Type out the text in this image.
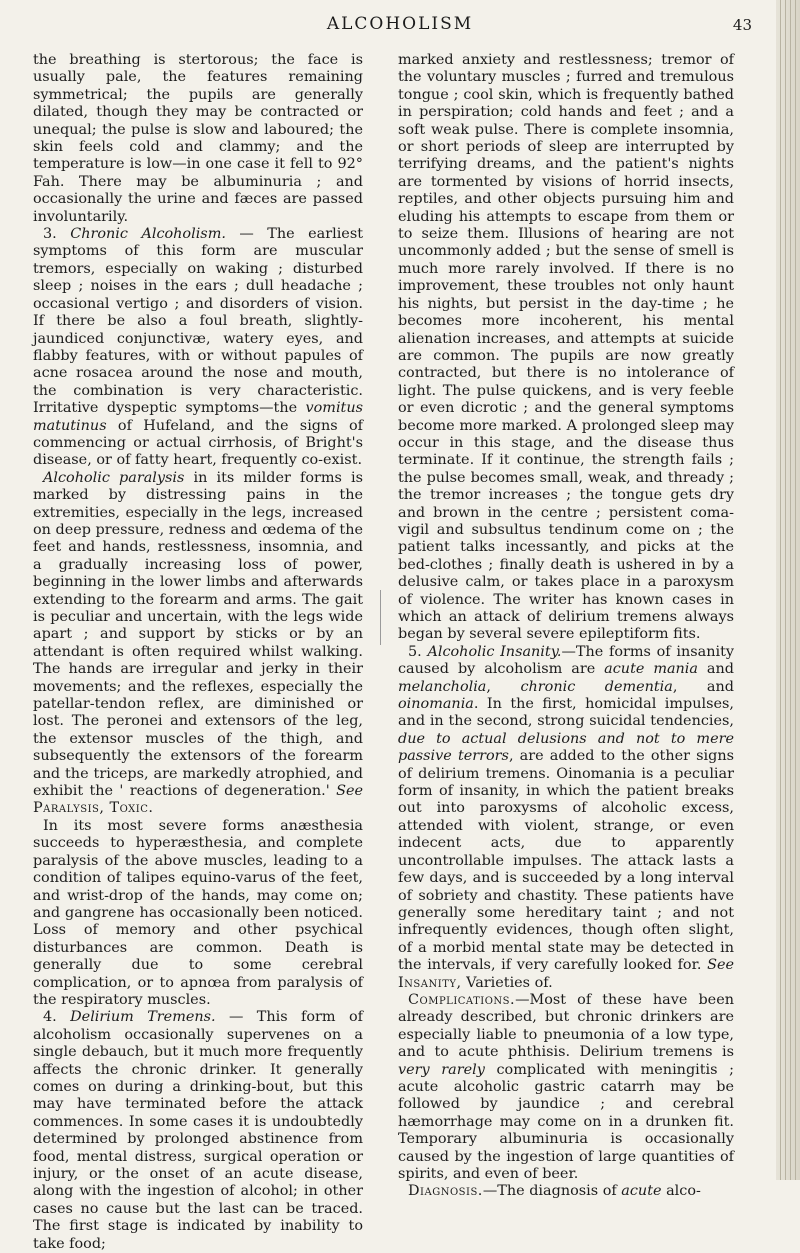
ALCOHOLISM	43

the breathing is stertorous; the face is usually pale, the features remaining symmetrical; the pupils are generally dilated, though they may be contracted or unequal; the pulse is slow and laboured; the skin feels cold and clammy; and the temperature is low—in one case it fell to 92° Fah. There may be albuminuria ; and occasionally the urine and fæces are passed involuntarily.

3. Chronic Alcoholism. — The earliest symptoms of this form are muscular tremors, especially on waking ; disturbed sleep ; noises in the ears ; dull headache ; occasional vertigo ; and disorders of vision. If there be also a foul breath, slightly-jaundiced conjunctivæ, watery eyes, and flabby features, with or without papules of acne rosacea around the nose and mouth, the combination is very characteristic. Irritative dyspeptic symptoms—the vomitus matutinus of Hufeland, and the signs of commencing or actual cirrhosis, of Bright's disease, or of fatty heart, frequently co-exist.

Alcoholic paralysis in its milder forms is marked by distressing pains in the extremities, especially in the legs, increased on deep pressure, redness and œdema of the feet and hands, restlessness, insomnia, and a gradually increasing loss of power, beginning in the lower limbs and afterwards extending to the forearm and arms. The gait is peculiar and uncertain, with the legs wide apart ; and support by sticks or by an attendant is often required whilst walking. The hands are irregular and jerky in their movements; and the reflexes, especially the patellar-tendon reflex, are diminished or lost. The peronei and extensors of the leg, the extensor muscles of the thigh, and subsequently the extensors of the forearm and the triceps, are markedly atrophied, and exhibit the ' reactions of degeneration.' See Paralysis, Toxic.

In its most severe forms anæsthesia succeeds to hyperæsthesia, and complete paralysis of the above muscles, leading to a condition of talipes equino-varus of the feet, and wrist-drop of the hands, may come on; and gangrene has occasionally been noticed. Loss of memory and other psychical disturbances are common. Death is generally due to some cerebral complication, or to apnœa from paralysis of the respiratory muscles.

4. Delirium Tremens. — This form of alcoholism occasionally supervenes on a single debauch, but it much more frequently affects the chronic drinker. It generally comes on during a drinking-bout, but this may have terminated before the attack commences. In some cases it is undoubtedly determined by prolonged abstinence from food, mental distress, surgical operation or injury, or the onset of an acute disease, along with the ingestion of alcohol; in other cases no cause but the last can be traced. The first stage is indicated by inability to take food;

marked anxiety and restlessness; tremor of the voluntary muscles ; furred and tremulous tongue ; cool skin, which is frequently bathed in perspiration; cold hands and feet ; and a soft weak pulse. There is complete insomnia, or short periods of sleep are interrupted by terrifying dreams, and the patient's nights are tormented by visions of horrid insects, reptiles, and other objects pursuing him and eluding his attempts to escape from them or to seize them. Illusions of hearing are not uncommonly added ; but the sense of smell is much more rarely involved. If there is no improvement, these troubles not only haunt his nights, but persist in the day-time ; he becomes more incoherent, his mental alienation increases, and attempts at suicide are common. The pupils are now greatly contracted, but there is no intolerance of light. The pulse quickens, and is very feeble or even dicrotic ; and the general symptoms become more marked. A prolonged sleep may occur in this stage, and the disease thus terminate. If it continue, the strength fails ; the pulse becomes small, weak, and thready ; the tremor increases ; the tongue gets dry and brown in the centre ; persistent coma-vigil and subsultus tendinum come on ; the patient talks incessantly, and picks at the bed-clothes ; finally death is ushered in by a delusive calm, or takes place in a paroxysm of violence. The writer has known cases in which an attack of delirium tremens always began by several severe epileptiform fits.

5. Alcoholic Insanity.—The forms of insanity caused by alcoholism are acute mania and melancholia, chronic dementia, and oinomania. In the first, homicidal impulses, and in the second, strong suicidal tendencies, due to actual delusions and not to mere passive terrors, are added to the other signs of delirium tremens. Oinomania is a peculiar form of insanity, in which the patient breaks out into paroxysms of alcoholic excess, attended with violent, strange, or even indecent acts, due to apparently uncontrollable impulses. The attack lasts a few days, and is succeeded by a long interval of sobriety and chastity. These patients have generally some hereditary taint ; and not infrequently evidences, though often slight, of a morbid mental state may be detected in the intervals, if very carefully looked for. See Insanity, Varieties of.

Complications.—Most of these have been already described, but chronic drinkers are especially liable to pneumonia of a low type, and to acute phthisis. Delirium tremens is very rarely complicated with meningitis ; acute alcoholic gastric catarrh may be followed by jaundice ; and cerebral hæmorrhage may come on in a drunken fit. Temporary albuminuria is occasionally caused by the ingestion of large quantities of spirits, and even of beer.

Diagnosis.—The diagnosis of acute alco-
